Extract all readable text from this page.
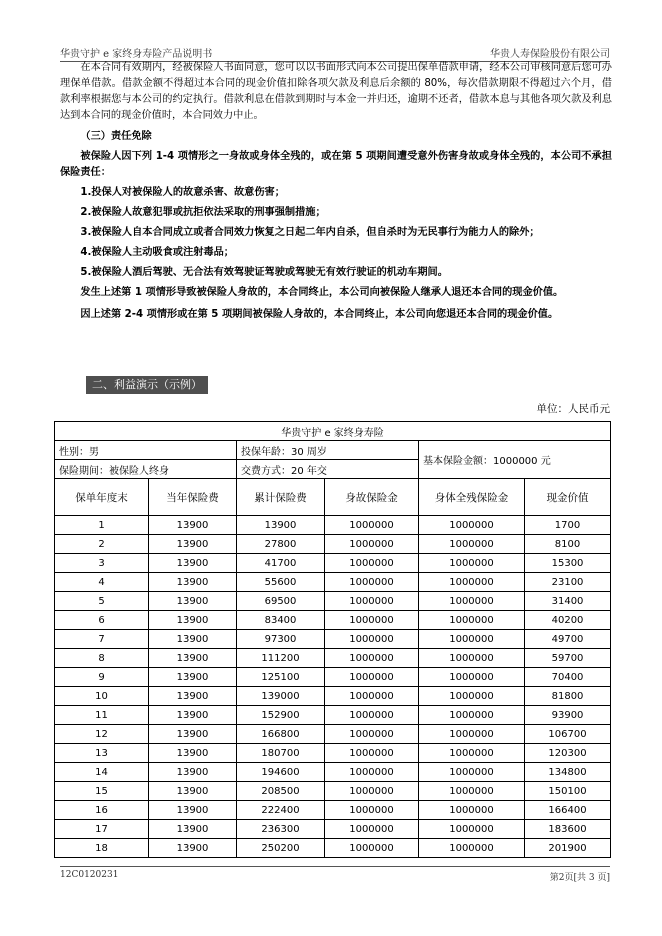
华贵守护 e 家终身寿险产品说明书	华贵人寿保险股份有限公司

在本合同有效期内，经被保险人书面同意，您可以以书面形式向本公司提出保单借款申请，经本公司审核同意后您可办理保单借款。借款金额不得超过本合同的现金价值扣除各项欠款及利息后余额的 80%，每次借款期限不得超过六个月，借款利率根据您与本公司的约定执行。借款利息在借款到期时与本金一并归还，逾期不还者，借款本息与其他各项欠款及利息达到本合同的现金价值时，本合同效力中止。

（三）责任免除

被保险人因下列 1-4 项情形之一身故或身体全残的，或在第 5 项期间遭受意外伤害身故或身体全残的，本公司不承担保险责任：

1.投保人对被保险人的故意杀害、故意伤害；
2.被保险人故意犯罪或抗拒依法采取的刑事强制措施；
3.被保险人自本合同成立或者合同效力恢复之日起二年内自杀，但自杀时为无民事行为能力人的除外；
4.被保险人主动吸食或注射毒品；
5.被保险人酒后驾驶、无合法有效驾驶证驾驶或驾驶无有效行驶证的机动车期间。

发生上述第 1 项情形导致被保险人身故的，本合同终止，本公司向被保险人继承人退还本合同的现金价值。

因上述第 2-4 项情形或在第 5 项期间被保险人身故的，本合同终止，本公司向您退还本合同的现金价值。

二、利益演示（示例）
单位：人民币元
华贵守护 e 家终身寿险					
性别：男		投保年龄：30 周岁		基本保险金额：1000000 元	
保险期间：被保险人终身		交费方式：20 年交			
保单年度末	当年保险费	累计保险费	身故保险金	身体全残保险金	现金价值
1	13900	13900	1000000	1000000	1700
2	13900	27800	1000000	1000000	8100
3	13900	41700	1000000	1000000	15300
4	13900	55600	1000000	1000000	23100
5	13900	69500	1000000	1000000	31400
6	13900	83400	1000000	1000000	40200
7	13900	97300	1000000	1000000	49700
8	13900	111200	1000000	1000000	59700
9	13900	125100	1000000	1000000	70400
10	13900	139000	1000000	1000000	81800
11	13900	152900	1000000	1000000	93900
12	13900	166800	1000000	1000000	106700
13	13900	180700	1000000	1000000	120300
14	13900	194600	1000000	1000000	134800
15	13900	208500	1000000	1000000	150100
16	13900	222400	1000000	1000000	166400
17	13900	236300	1000000	1000000	183600
18	13900	250200	1000000	1000000	201900
12C0120231	第2页[共 3 页]
